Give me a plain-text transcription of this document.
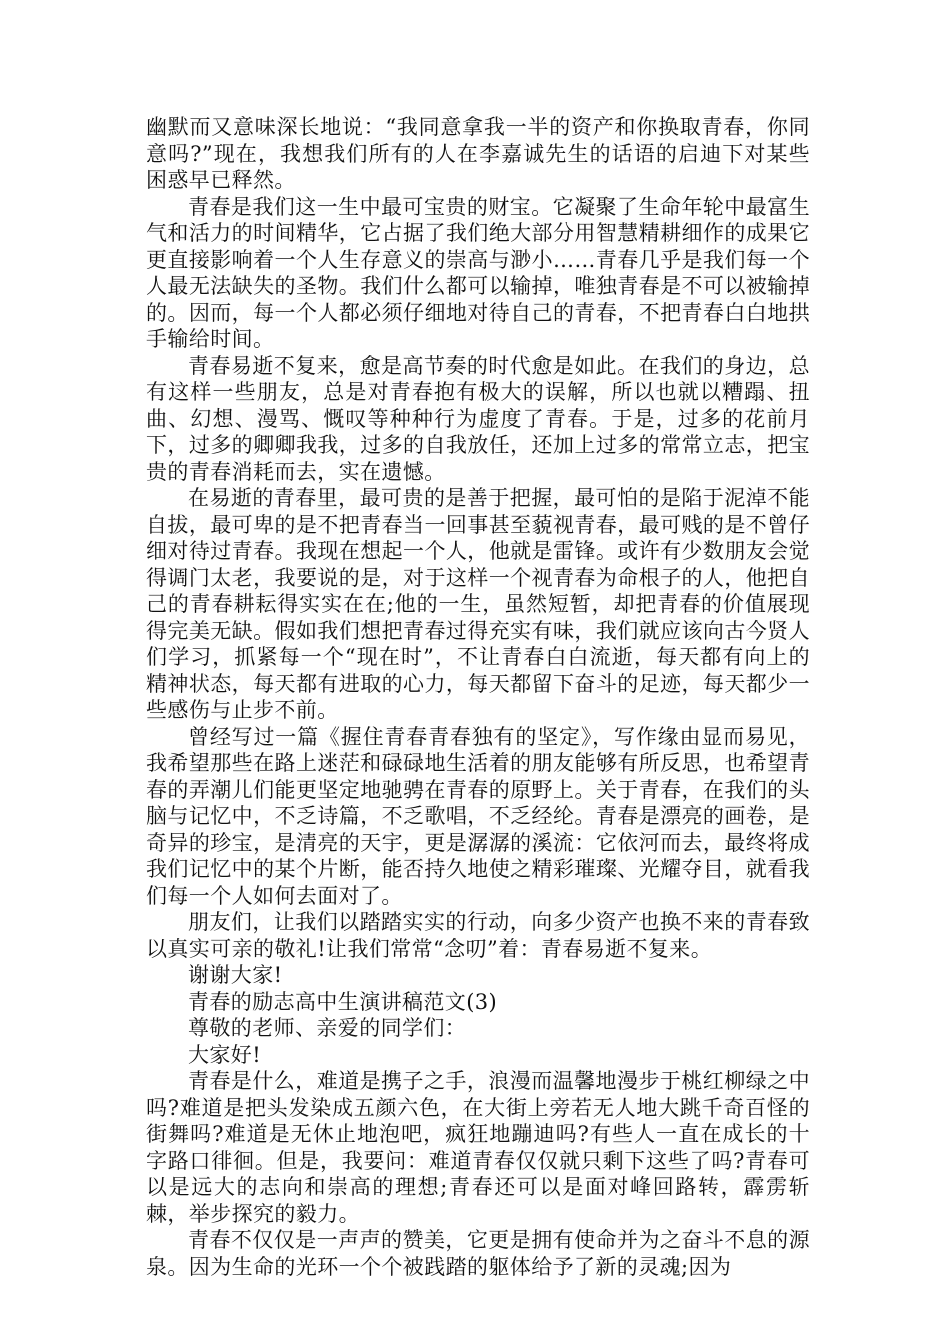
幽默而又意味深长地说：“我同意拿我一半的资产和你换取青春，你同意吗?”现在，我想我们所有的人在李嘉诚先生的话语的启迪下对某些困惑早已释然。

青春是我们这一生中最可宝贵的财宝。它凝聚了生命年轮中最富生气和活力的时间精华，它占据了我们绝大部分用智慧精耕细作的成果它更直接影响着一个人生存意义的崇高与渺小……青春几乎是我们每一个人最无法缺失的圣物。我们什么都可以输掉，唯独青春是不可以被输掉的。因而，每一个人都必须仔细地对待自己的青春，不把青春白白地拱手输给时间。

青春易逝不复来，愈是高节奏的时代愈是如此。在我们的身边，总有这样一些朋友，总是对青春抱有极大的误解，所以也就以糟蹋、扭曲、幻想、漫骂、慨叹等种种行为虚度了青春。于是，过多的花前月下，过多的卿卿我我，过多的自我放任，还加上过多的常常立志，把宝贵的青春消耗而去，实在遗憾。

在易逝的青春里，最可贵的是善于把握，最可怕的是陷于泥淖不能自拔，最可卑的是不把青春当一回事甚至藐视青春，最可贱的是不曾仔细对待过青春。我现在想起一个人，他就是雷锋。或许有少数朋友会觉得调门太老，我要说的是，对于这样一个视青春为命根子的人，他把自己的青春耕耘得实实在在;他的一生，虽然短暂，却把青春的价值展现得完美无缺。假如我们想把青春过得充实有味，我们就应该向古今贤人们学习，抓紧每一个“现在时”，不让青春白白流逝，每天都有向上的精神状态，每天都有进取的心力，每天都留下奋斗的足迹，每天都少一些感伤与止步不前。

曾经写过一篇《握住青春青春独有的坚定》，写作缘由显而易见，我希望那些在路上迷茫和碌碌地生活着的朋友能够有所反思，也希望青春的弄潮儿们能更坚定地驰骋在青春的原野上。关于青春，在我们的头脑与记忆中，不乏诗篇，不乏歌唱，不乏经纶。青春是漂亮的画卷，是奇异的珍宝，是清亮的天宇，更是潺潺的溪流：它依河而去，最终将成我们记忆中的某个片断，能否持久地使之精彩璀璨、光耀夺目，就看我们每一个人如何去面对了。

朋友们，让我们以踏踏实实的行动，向多少资产也换不来的青春致以真实可亲的敬礼!让我们常常“念叨”着：青春易逝不复来。

谢谢大家!

青春的励志高中生演讲稿范文(3)

尊敬的老师、亲爱的同学们：

大家好!

青春是什么，难道是携子之手，浪漫而温馨地漫步于桃红柳绿之中吗?难道是把头发染成五颜六色，在大街上旁若无人地大跳千奇百怪的街舞吗?难道是无休止地泡吧，疯狂地蹦迪吗?有些人一直在成长的十字路口徘徊。但是，我要问：难道青春仅仅就只剩下这些了吗?青春可以是远大的志向和崇高的理想;青春还可以是面对峰回路转，霹雳斩棘，举步探究的毅力。

青春不仅仅是一声声的赞美，它更是拥有使命并为之奋斗不息的源泉。因为生命的光环一个个被践踏的躯体给予了新的灵魂;因为
